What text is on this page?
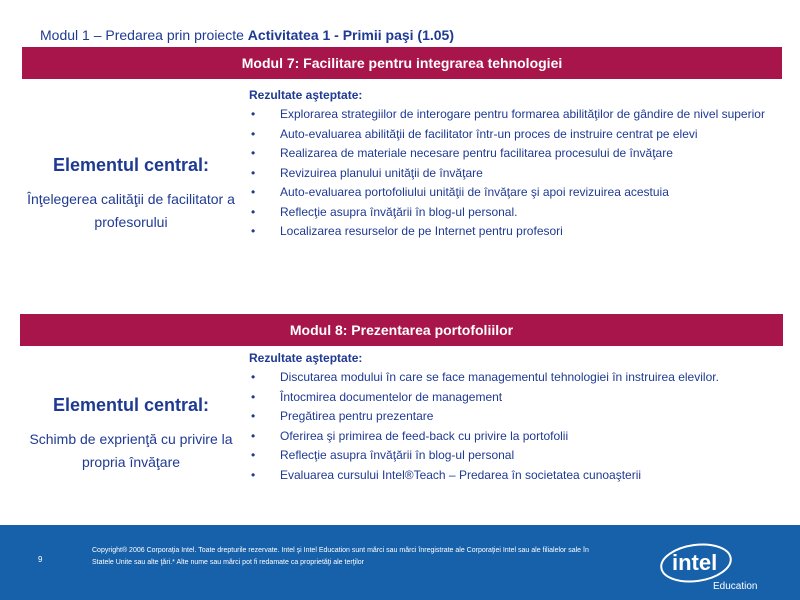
Modul 1 – Predarea prin proiecte Activitatea 1 - Primii paşi (1.05)
Modul 7: Facilitare pentru integrarea tehnologiei
Elementul central:
Înţelegerea calităţii de facilitator a profesorului
Rezultate aşteptate:
• Explorarea strategiilor de interogare pentru formarea abilităţilor de gândire de nivel superior
• Auto-evaluarea abilităţii de facilitator într-un proces de instruire centrat pe elevi
• Realizarea de materiale necesare pentru facilitarea procesului de învăţare
• Revizuirea planului unităţii de învăţare
• Auto-evaluarea portofoliului unităţii de învăţare şi apoi revizuirea acestuia
• Reflecţie asupra învăţării în blog-ul personal.
• Localizarea resurselor de pe Internet pentru profesori
Modul 8: Prezentarea portofoliilor
Elementul central:
Schimb de exprienţă cu privire la propria învăţare
Rezultate aşteptate:
• Discutarea modului în care se face managementul tehnologiei în instruirea elevilor.
• Întocmirea documentelor de management
• Pregătirea pentru prezentare
• Oferirea şi primirea de feed-back cu privire la portofolii
• Reflecţie asupra învăţării în blog-ul personal
• Evaluarea cursului Intel®Teach – Predarea în societatea cunoaşterii
9
Copyright® 2006 Corporaţia Intel. Toate drepturile rezervate. Intel şi Intel Education sunt mărci sau mărci înregistrate ale Corporaţiei Intel sau ale filialelor sale în Statele Unite sau alte ţări.* Alte nume sau mărci pot fi redamate ca proprietăţi ale terţilor	intel
Education
